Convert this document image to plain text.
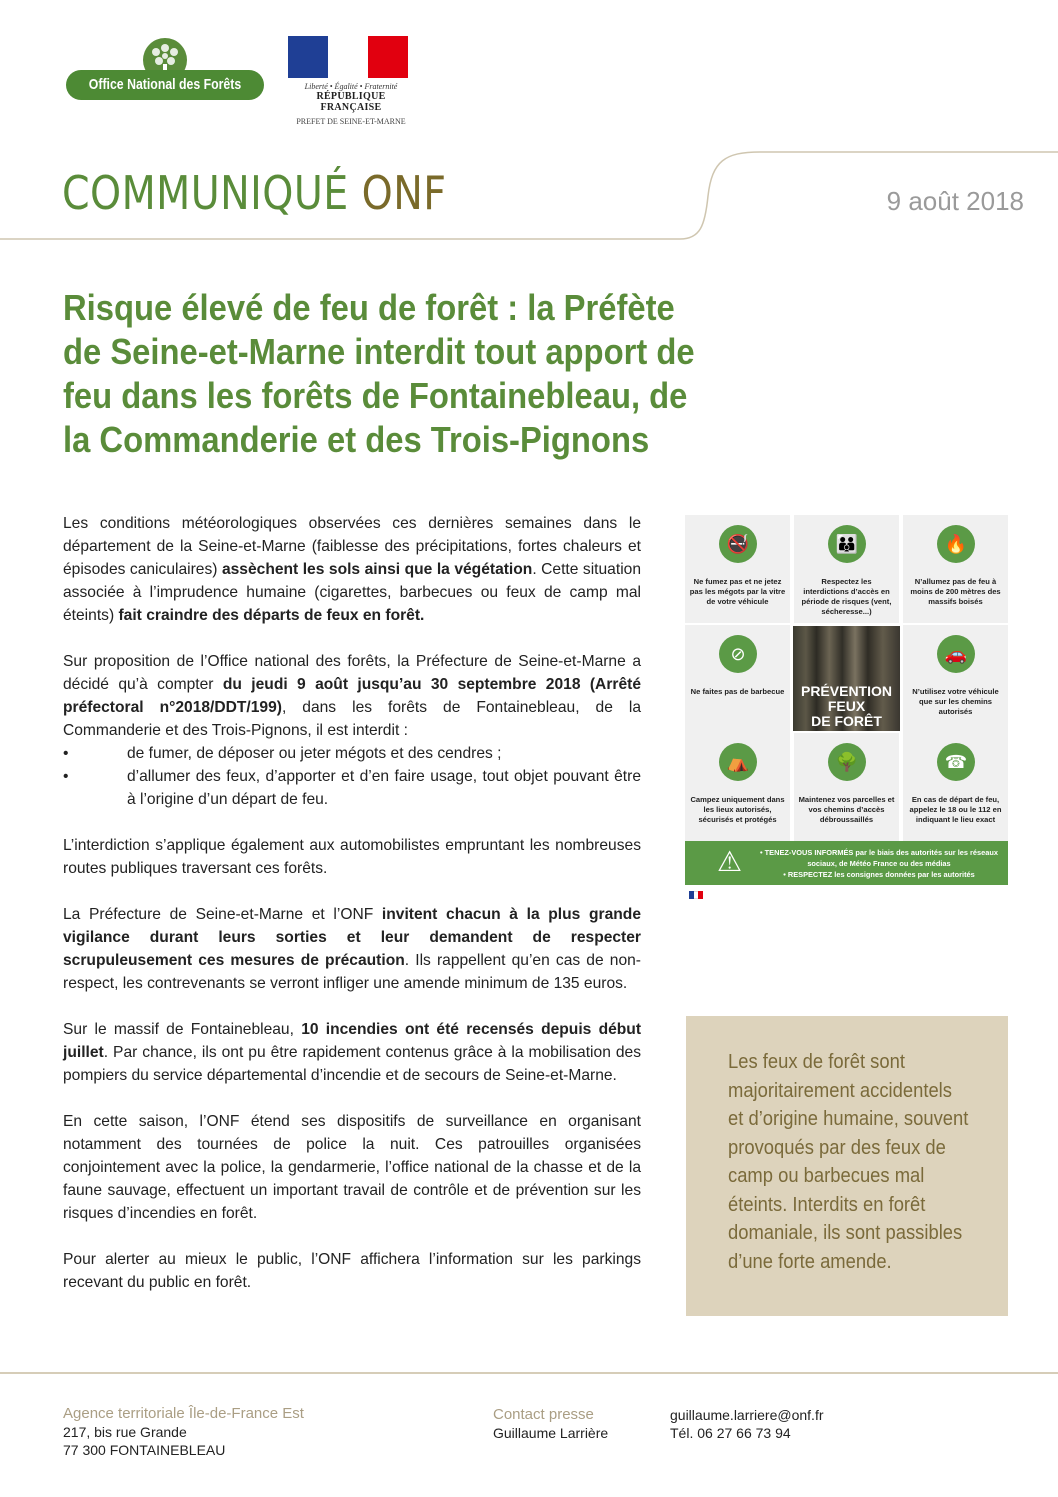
Office National des Forêts	Liberté • Égalité • Fraternité
RÉPUBLIQUE FRANÇAISE
PREFET DE SEINE-ET-MARNE
COMMUNIQUÉ ONF	9 août 2018
Risque élevé de feu de forêt : la Préfète de Seine-et-Marne interdit tout apport de feu dans les forêts de Fontainebleau, de la Commanderie et des Trois-Pignons

Les conditions météorologiques observées ces dernières semaines dans le département de la Seine-et-Marne (faiblesse des précipitations, fortes chaleurs et épisodes caniculaires) assèchent les sols ainsi que la végétation. Cette situation associée à l’imprudence humaine (cigarettes, barbecues ou feux de camp mal éteints) fait craindre des départs de feux en forêt.

Sur proposition de l’Office national des forêts, la Préfecture de Seine-et-Marne a décidé qu’à compter du jeudi 9 août jusqu’au 30 septembre 2018 (Arrêté préfectoral n°2018/DDT/199), dans les forêts de Fontainebleau, de la Commanderie et des Trois-Pignons, il est interdit :

• de fumer, de déposer ou jeter mégots et des cendres ;
• d’allumer des feux, d’apporter et d’en faire usage, tout objet pouvant être à l’origine d’un départ de feu.

L’interdiction s’applique également aux automobilistes empruntant les nombreuses routes publiques traversant ces forêts.

La Préfecture de Seine-et-Marne et l’ONF invitent chacun à la plus grande vigilance durant leurs sorties et leur demandent de respecter scrupuleusement ces mesures de précaution. Ils rappellent qu’en cas de non-respect, les contrevenants se verront infliger une amende minimum de 135 euros.

Sur le massif de Fontainebleau, 10 incendies ont été recensés depuis début juillet. Par chance, ils ont pu être rapidement contenus grâce à la mobilisation des pompiers du service départemental d’incendie et de secours de Seine-et-Marne.

En cette saison, l’ONF étend ses dispositifs de surveillance en organisant notamment des tournées de police la nuit. Ces patrouilles organisées conjointement avec la police, la gendarmerie, l’office national de la chasse et de la faune sauvage, effectuent un important travail de contrôle et de prévention sur les risques d’incendies en forêt.

Pour alerter au mieux le public, l’ONF affichera l’information sur les parkings recevant du public en forêt.

🚭
Ne fumez pas et ne jetez pas les mégots par la vitre de votre véhicule
👪
Respectez les interdictions d’accès en période de risques (vent, sécheresse...)
🔥
N’allumez pas de feu à moins de 200 mètres des massifs boisés
⊘
Ne faites pas de barbecue	PRÉVENTION
FEUX
DE FORÊT
🚗
N’utilisez votre véhicule que sur les chemins autorisés
⛺
Campez uniquement dans les lieux autorisés, sécurisés et protégés
🌳
Maintenez vos parcelles et vos chemins d’accès débroussaillés
☎
En cas de départ de feu, appelez le 18 ou le 112 en indiquant le lieu exact
⚠ • TENEZ-VOUS INFORMÉS par le biais des autorités sur les réseaux sociaux, de Météo France ou des médias
• RESPECTEZ les consignes données par les autorités

Les feux de forêt sont majoritairement accidentels et d’origine humaine, souvent provoqués par des feux de camp ou barbecues mal éteints. Interdits en forêt domaniale, ils sont passibles d’une forte amende.

Agence territoriale Île-de-France Est
217, bis rue Grande
77 300 FONTAINEBLEAU
Contact presse
Guillaume Larrière
guillaume.larriere@onf.fr
Tél. 06 27 66 73 94
